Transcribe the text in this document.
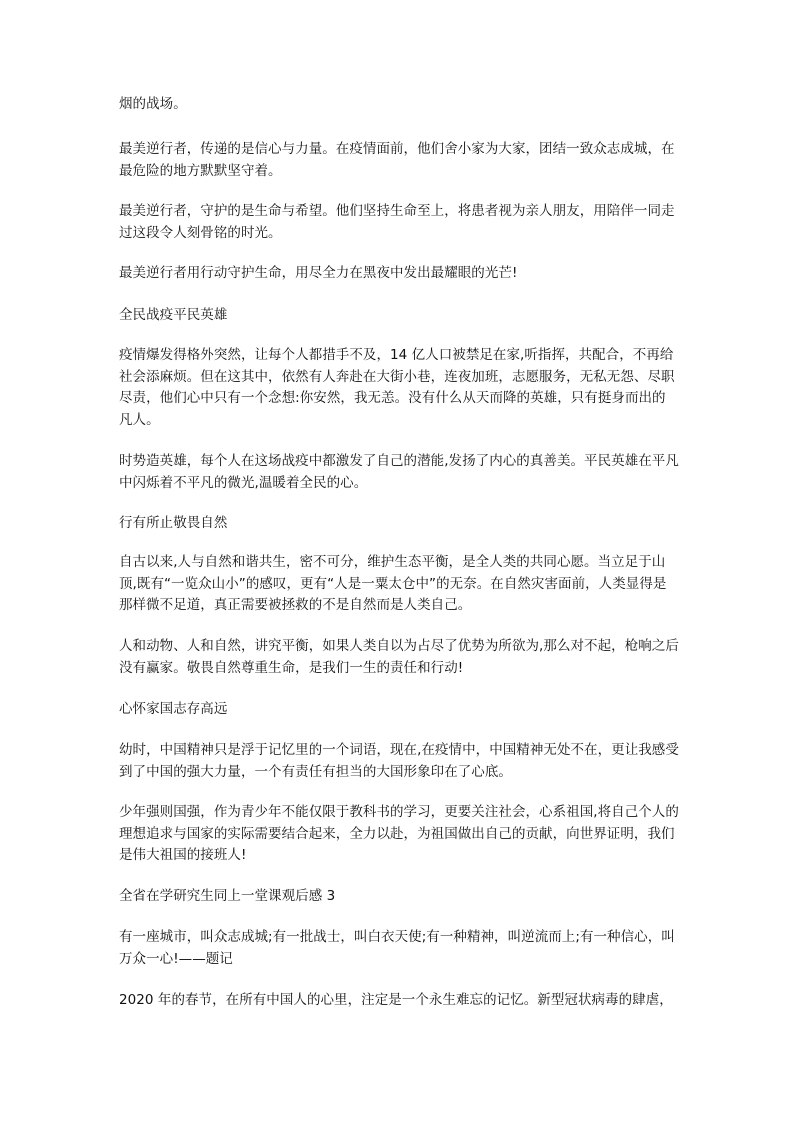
烟的战场。

最美逆行者，传递的是信心与力量。在疫情面前，他们舍小家为大家，团结一致众志成城，在最危险的地方默默坚守着。

最美逆行者，守护的是生命与希望。他们坚持生命至上，将患者视为亲人朋友，用陪伴一同走过这段令人刻骨铭的时光。

最美逆行者用行动守护生命，用尽全力在黑夜中发出最耀眼的光芒!

全民战疫平民英雄

疫情爆发得格外突然，让每个人都措手不及，14 亿人口被禁足在家,听指挥，共配合，不再给社会添麻烦。但在这其中，依然有人奔赴在大街小巷，连夜加班，志愿服务，无私无怨、尽职尽责，他们心中只有一个念想:你安然，我无恙。没有什么从天而降的英雄，只有挺身而出的凡人。

时势造英雄，每个人在这场战疫中都激发了自己的潜能,发扬了内心的真善美。平民英雄在平凡中闪烁着不平凡的微光,温暖着全民的心。

行有所止敬畏自然

自古以来,人与自然和谐共生，密不可分，维护生态平衡，是全人类的共同心愿。当立足于山顶,既有“一览众山小”的感叹，更有“人是一粟太仓中”的无奈。在自然灾害面前，人类显得是那样微不足道，真正需要被拯救的不是自然而是人类自己。

人和动物、人和自然，讲究平衡，如果人类自以为占尽了优势为所欲为,那么对不起，枪响之后没有赢家。敬畏自然尊重生命，是我们一生的责任和行动!

心怀家国志存高远

幼时，中国精神只是浮于记忆里的一个词语，现在,在疫情中，中国精神无处不在，更让我感受到了中国的强大力量，一个有责任有担当的大国形象印在了心底。

少年强则国强，作为青少年不能仅限于教科书的学习，更要关注社会，心系祖国,将自己个人的理想追求与国家的实际需要结合起来，全力以赴，为祖国做出自己的贡献，向世界证明，我们是伟大祖国的接班人!

全省在学研究生同上一堂课观后感 3

有一座城市，叫众志成城;有一批战士，叫白衣天使;有一种精神，叫逆流而上;有一种信心，叫万众一心!——题记

2020 年的春节，在所有中国人的心里，注定是一个永生难忘的记忆。新型冠状病毒的肆虐，
